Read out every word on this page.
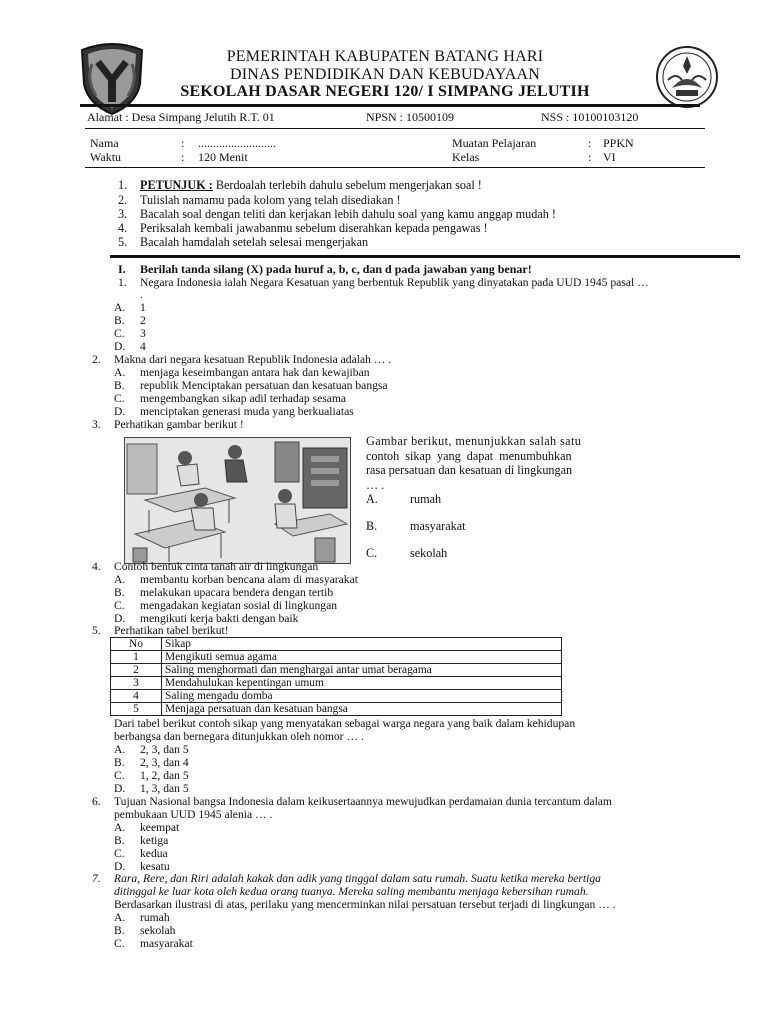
PEMERINTAH KABUPATEN BATANG HARI
DINAS PENDIDIKAN DAN KEBUDAYAAN
SEKOLAH DASAR NEGERI 120/ I SIMPANG JELUTIH
Alamat : Desa Simpang Jelutih R.T. 01	NPSN : 10500109	NSS : 10100103120
Nama	: ..........................
Waktu	: 120 Menit
Muatan Pelajaran	: PPKN
Kelas	: VI
1. PETUNJUK : Berdoalah terlebih dahulu sebelum mengerjakan soal !
2. Tulislah namamu pada kolom yang telah disediakan !
3. Bacalah soal dengan teliti dan kerjakan lebih dahulu soal yang kamu anggap mudah !
4. Periksalah kembali jawabanmu sebelum diserahkan kepada pengawas !
5. Bacalah hamdalah setelah selesai mengerjakan
I. Berilah tanda silang (X) pada huruf a, b, c, dan d pada jawaban yang benar!
1. Negara Indonesia ialah Negara Kesatuan yang berbentuk Republik yang dinyatakan pada UUD 1945 pasal …
.
A. 1
B. 2
C. 3
D. 4
2. Makna dari negara kesatuan Republik Indonesia adalah … .
A. menjaga keseimbangan antara hak dan kewajiban
B. republik Menciptakan persatuan dan kesatuan bangsa
C. mengembangkan sikap adil terhadap sesama
D. menciptakan generasi muda yang berkualiatas
3. Perhatikan gambar berikut !
Gambar berikut, menunjukkan salah satu
contoh sikap yang dapat menumbuhkan
rasa persatuan dan kesatuan di lingkungan
… .
A.	rumah
B.	masyarakat
C.	sekolah
4. Contoh bentuk cinta tanah air di lingkungan
A. membantu korban bencana alam di masyarakat
B. melakukan upacara bendera dengan tertib
C. mengadakan kegiatan sosial di lingkungan
D. mengikuti kerja bakti dengan baik
5. Perhatikan tabel berikut!
No	Sikap
1	Mengikuti semua agama
2	Saling menghormati dan menghargai antar umat beragama
3	Mendahulukan kepentingan umum
4	Saling mengadu domba
5	Menjaga persatuan dan kesatuan bangsa
Dari tabel berikut contoh sikap yang menyatakan sebagai warga negara yang baik dalam kehidupan
berbangsa dan bernegara ditunjukkan oleh nomor … .
A. 2, 3, dan 5
B. 2, 3, dan 4
C. 1, 2, dan 5
D. 1, 3, dan 5
6. Tujuan Nasional bangsa Indonesia dalam keikusertaannya mewujudkan perdamaian dunia tercantum dalam
pembukaan UUD 1945 alenia … .
A. keempat
B. ketiga
C. kedua
D. kesatu
7. Rara, Rere, dan Riri adalah kakak dan adik yang tinggal dalam satu rumah. Suatu ketika mereka bertiga
ditinggal ke luar kota oleh kedua orang tuanya. Mereka saling membantu menjaga kebersihan rumah.
Berdasarkan ilustrasi di atas, perilaku yang mencerminkan nilai persatuan tersebut terjadi di lingkungan … .
A. rumah
B. sekolah
C. masyarakat
